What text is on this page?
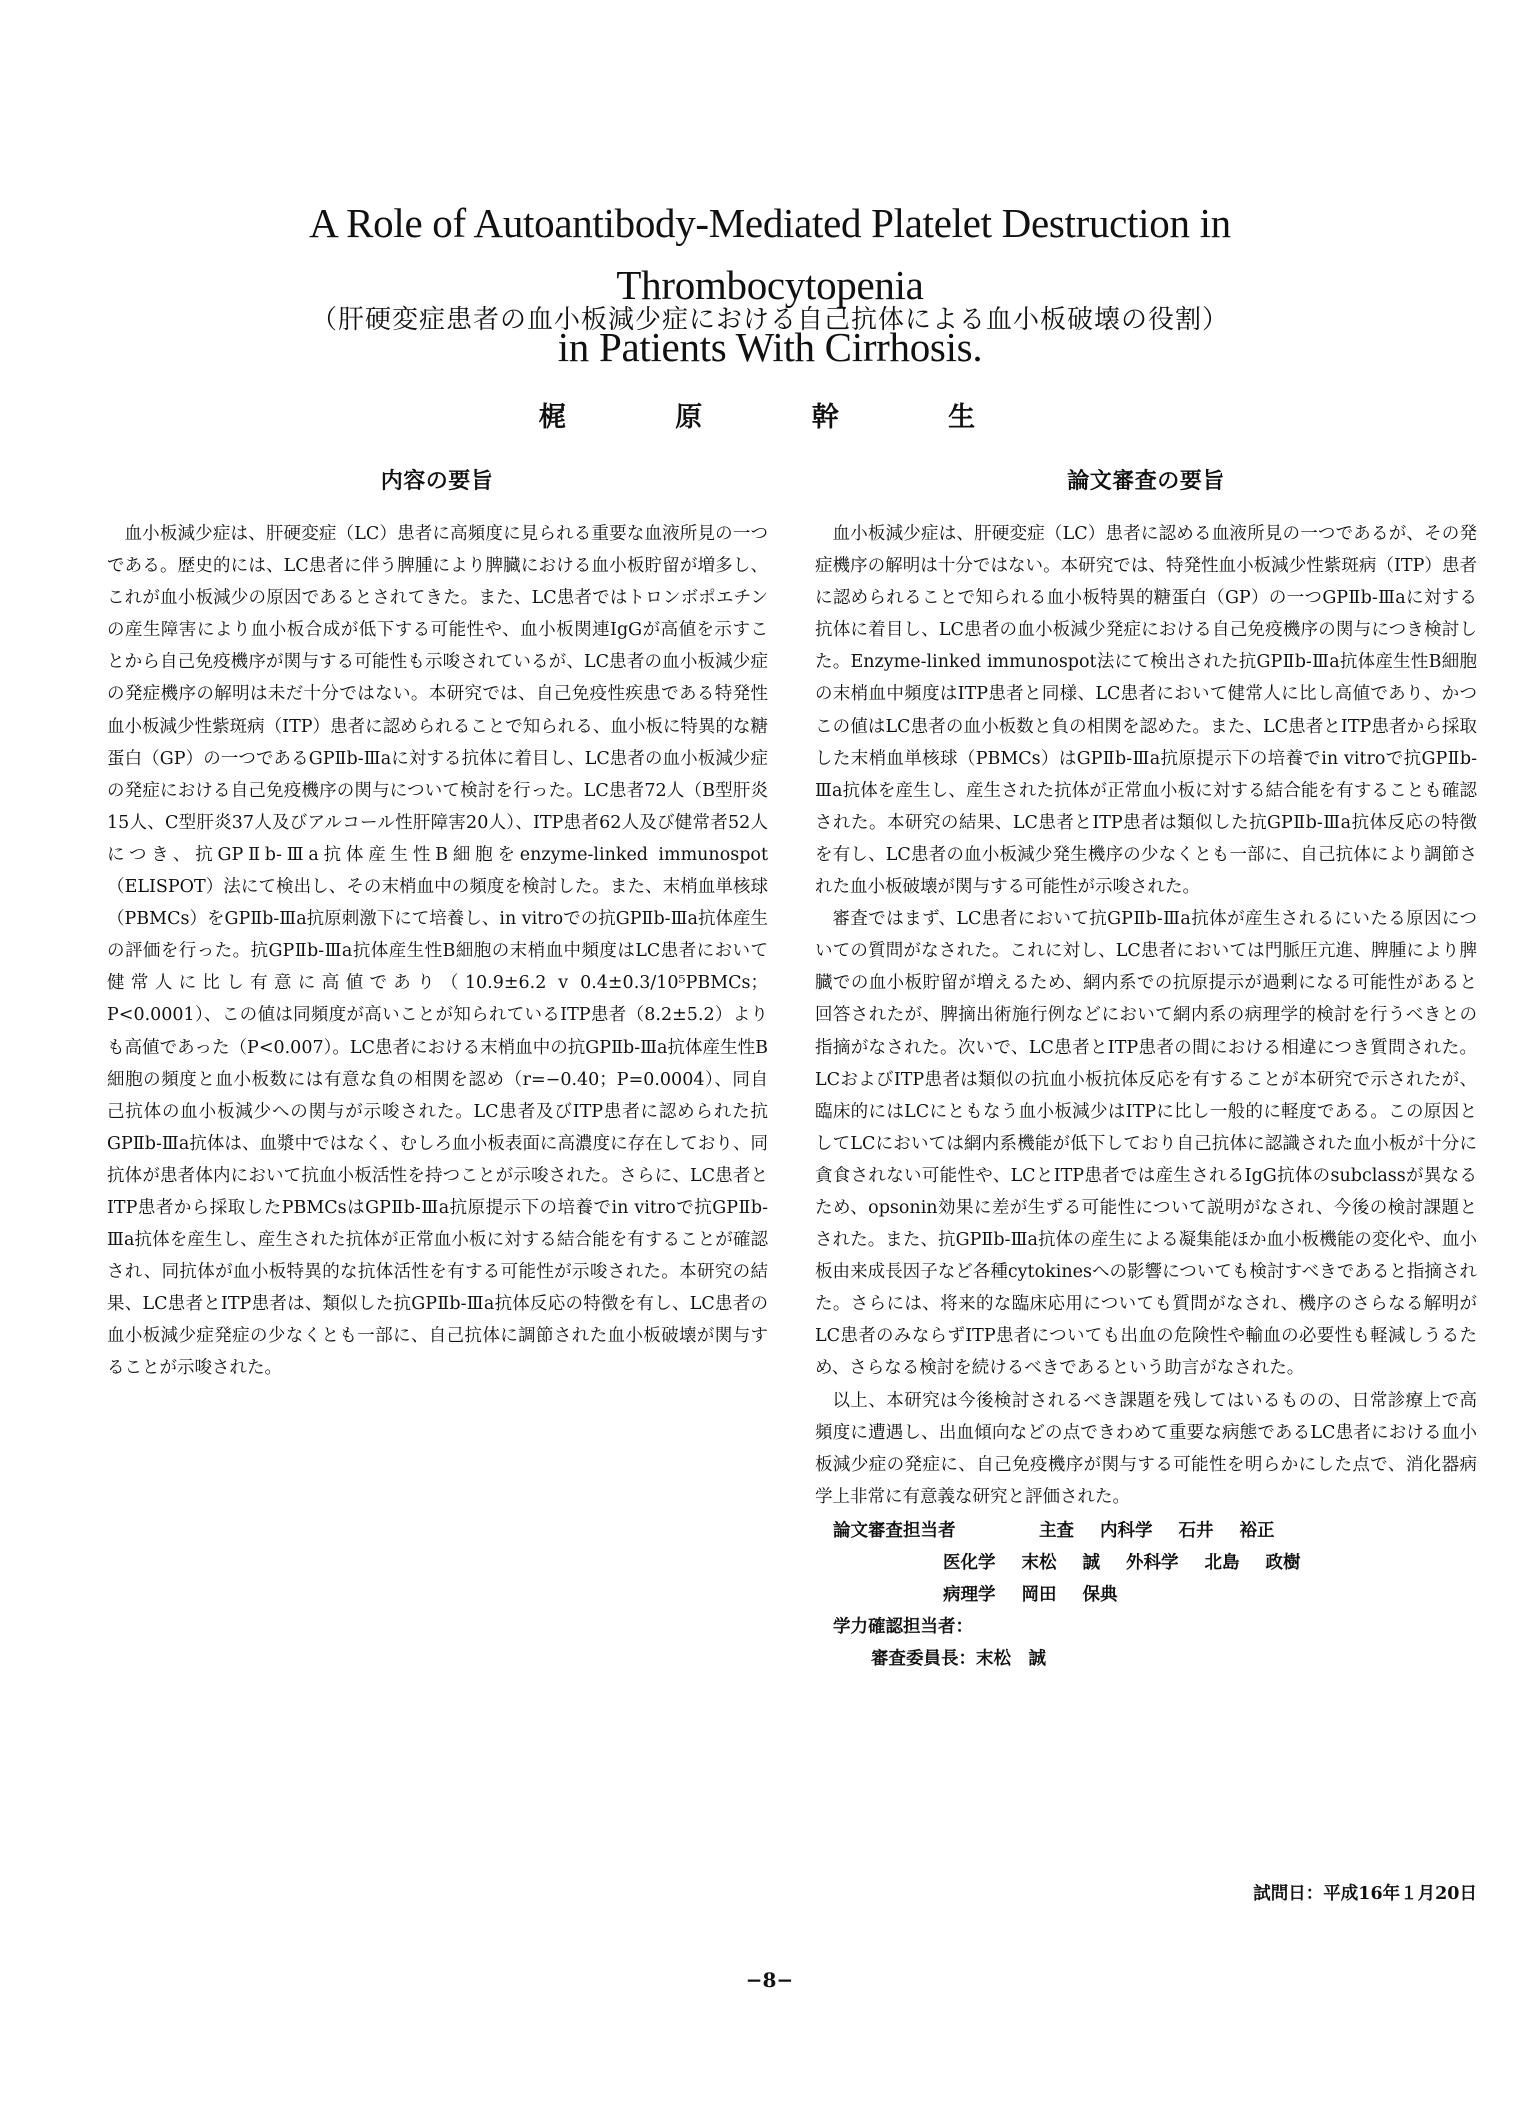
A Role of Autoantibody-Mediated Platelet Destruction in Thrombocytopenia
in Patients With Cirrhosis.
（肝硬変症患者の血小板減少症における自己抗体による血小板破壊の役割）
梶 原 幹 生
内容の要旨	論文審査の要旨

血小板減少症は、肝硬変症（LC）患者に高頻度に見られる重要な血液所見の一つである。歴史的には、LC患者に伴う脾腫により脾臓における血小板貯留が増多し、これが血小板減少の原因であるとされてきた。また、LC患者ではトロンボポエチンの産生障害により血小板合成が低下する可能性や、血小板関連IgGが高値を示すことから自己免疫機序が関与する可能性も示唆されているが、LC患者の血小板減少症の発症機序の解明は未だ十分ではない。本研究では、自己免疫性疾患である特発性血小板減少性紫斑病（ITP）患者に認められることで知られる、血小板に特異的な糖蛋白（GP）の一つであるGPⅡb-Ⅲaに対する抗体に着目し、LC患者の血小板減少症の発症における自己免疫機序の関与について検討を行った。LC患者72人（B型肝炎15人、C型肝炎37人及びアルコール性肝障害20人）、ITP患者62人及び健常者52人につき、抗GPⅡb-Ⅲa抗体産生性B細胞をenzyme-linked immunospot（ELISPOT）法にて検出し、その末梢血中の頻度を検討した。また、末梢血単核球（PBMCs）をGPⅡb-Ⅲa抗原刺激下にて培養し、in vitroでの抗GPⅡb-Ⅲa抗体産生の評価を行った。抗GPⅡb-Ⅲa抗体産生性B細胞の末梢血中頻度はLC患者において健常人に比し有意に高値であり（10.9±6.2 v 0.4±0.3/10⁵PBMCs；P<0.0001）、この値は同頻度が高いことが知られているITP患者（8.2±5.2）よりも高値であった（P<0.007）。LC患者における末梢血中の抗GPⅡb-Ⅲa抗体産生性B細胞の頻度と血小板数には有意な負の相関を認め（r=−0.40；P=0.0004）、同自己抗体の血小板減少への関与が示唆された。LC患者及びITP患者に認められた抗GPⅡb-Ⅲa抗体は、血漿中ではなく、むしろ血小板表面に高濃度に存在しており、同抗体が患者体内において抗血小板活性を持つことが示唆された。さらに、LC患者とITP患者から採取したPBMCsはGPⅡb-Ⅲa抗原提示下の培養でin vitroで抗GPⅡb-Ⅲa抗体を産生し、産生された抗体が正常血小板に対する結合能を有することが確認され、同抗体が血小板特異的な抗体活性を有する可能性が示唆された。本研究の結果、LC患者とITP患者は、類似した抗GPⅡb-Ⅲa抗体反応の特徴を有し、LC患者の血小板減少症発症の少なくとも一部に、自己抗体に調節された血小板破壊が関与することが示唆された。

血小板減少症は、肝硬変症（LC）患者に認める血液所見の一つであるが、その発症機序の解明は十分ではない。本研究では、特発性血小板減少性紫斑病（ITP）患者に認められることで知られる血小板特異的糖蛋白（GP）の一つGPⅡb-Ⅲaに対する抗体に着目し、LC患者の血小板減少発症における自己免疫機序の関与につき検討した。Enzyme-linked immunospot法にて検出された抗GPⅡb-Ⅲa抗体産生性B細胞の末梢血中頻度はITP患者と同様、LC患者において健常人に比し高値であり、かつこの値はLC患者の血小板数と負の相関を認めた。また、LC患者とITP患者から採取した末梢血単核球（PBMCs）はGPⅡb-Ⅲa抗原提示下の培養でin vitroで抗GPⅡb-Ⅲa抗体を産生し、産生された抗体が正常血小板に対する結合能を有することも確認された。本研究の結果、LC患者とITP患者は類似した抗GPⅡb-Ⅲa抗体反応の特徴を有し、LC患者の血小板減少発生機序の少なくとも一部に、自己抗体により調節された血小板破壊が関与する可能性が示唆された。

審査ではまず、LC患者において抗GPⅡb-Ⅲa抗体が産生されるにいたる原因についての質問がなされた。これに対し、LC患者においては門脈圧亢進、脾腫により脾臓での血小板貯留が増えるため、網内系での抗原提示が過剰になる可能性があると回答されたが、脾摘出術施行例などにおいて網内系の病理学的検討を行うべきとの指摘がなされた。次いで、LC患者とITP患者の間における相違につき質問された。LCおよびITP患者は類似の抗血小板抗体反応を有することが本研究で示されたが、臨床的にはLCにともなう血小板減少はITPに比し一般的に軽度である。この原因としてLCにおいては網内系機能が低下しており自己抗体に認識された血小板が十分に貪食されない可能性や、LCとITP患者では産生されるIgG抗体のsubclassが異なるため、opsonin効果に差が生ずる可能性について説明がなされ、今後の検討課題とされた。また、抗GPⅡb-Ⅲa抗体の産生による凝集能ほか血小板機能の変化や、血小板由来成長因子など各種cytokinesへの影響についても検討すべきであると指摘された。さらには、将来的な臨床応用についても質問がなされ、機序のさらなる解明がLC患者のみならずITP患者についても出血の危険性や輸血の必要性も軽減しうるため、さらなる検討を続けるべきであるという助言がなされた。

以上、本研究は今後検討されるべき課題を残してはいるものの、日常診療上で高頻度に遭遇し、出血傾向などの点できわめて重要な病態であるLC患者における血小板減少症の発症に、自己免疫機序が関与する可能性を明らかにした点で、消化器病学上非常に有意義な研究と評価された。

論文審査担当者	主査 内科学 石井 裕正
医化学 末松 誠 外科学 北島 政樹
病理学 岡田 保典
学力確認担当者：
審査委員長： 末松　誠
試問日：平成16年１月20日
−8−
